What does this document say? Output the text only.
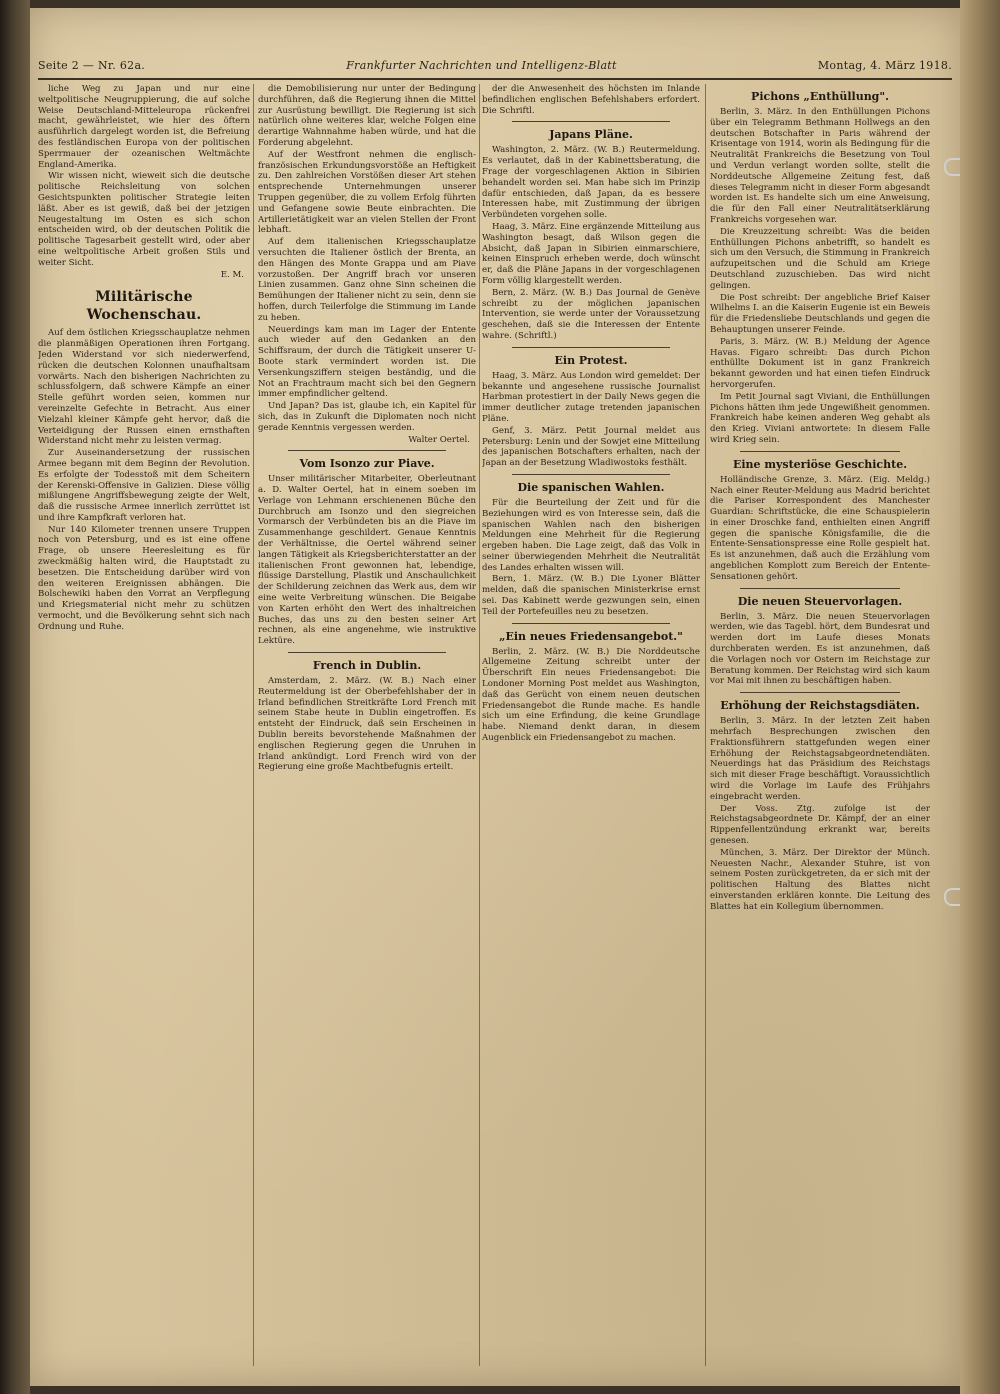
Seite 2 — Nr. 62a.	Frankfurter Nachrichten und Intelligenz-Blatt	Montag, 4. März 1918.

liche Weg zu Japan und nur eine weltpolitische Neugruppierung, die auf solche Weise Deutschland-Mitteleuropa rückenfrei macht, gewährleistet, wie hier des öftern ausführlich dargelegt worden ist, die Befreiung des festländischen Europa von der politischen Sperrmauer der ozeanischen Weltmächte England-Amerika.

Wir wissen nicht, wieweit sich die deutsche politische Reichsleitung von solchen Gesichtspunkten politischer Strategie leiten läßt. Aber es ist gewiß, daß bei der jetzigen Neugestaltung im Osten es sich schon entscheiden wird, ob der deutschen Politik die politische Tagesarbeit gestellt wird, oder aber eine weltpolitische Arbeit großen Stils und weiter Sicht.

E. M.
Militärische Wochenschau.

Auf dem östlichen Kriegsschauplatze nehmen die planmäßigen Operationen ihren Fortgang. Jeden Widerstand vor sich niederwerfend, rücken die deutschen Kolonnen unaufhaltsam vorwärts. Nach den bisherigen Nachrichten zu schlussfolgern, daß schwere Kämpfe an einer Stelle geführt worden seien, kommen nur vereinzelte Gefechte in Betracht. Aus einer Vielzahl kleiner Kämpfe geht hervor, daß die Verteidigung der Russen einen ernsthaften Widerstand nicht mehr zu leisten vermag.

Zur Auseinandersetzung der russischen Armee begann mit dem Beginn der Revolution. Es erfolgte der Todesstoß mit dem Scheitern der Kerenski-Offensive in Galizien. Diese völlig mißlungene Angriffsbewegung zeigte der Welt, daß die russische Armee innerlich zerrüttet ist und ihre Kampfkraft verloren hat.

Nur 140 Kilometer trennen unsere Truppen noch von Petersburg, und es ist eine offene Frage, ob unsere Heeresleitung es für zweckmäßig halten wird, die Hauptstadt zu besetzen. Die Entscheidung darüber wird von den weiteren Ereignissen abhängen. Die Bolschewiki haben den Vorrat an Verpflegung und Kriegsmaterial nicht mehr zu schützen vermocht, und die Bevölkerung sehnt sich nach Ordnung und Ruhe.

die Demobilisierung nur unter der Bedingung durchführen, daß die Regierung ihnen die Mittel zur Ausrüstung bewilligt. Die Regierung ist sich natürlich ohne weiteres klar, welche Folgen eine derartige Wahnnahme haben würde, und hat die Forderung abgelehnt.

Auf der Westfront nehmen die englisch-französischen Erkundungsvorstöße an Heftigkeit zu. Den zahlreichen Vorstößen dieser Art stehen entsprechende Unternehmungen unserer Truppen gegenüber, die zu vollem Erfolg führten und Gefangene sowie Beute einbrachten. Die Artillerietätigkeit war an vielen Stellen der Front lebhaft.

Auf dem italienischen Kriegsschauplatze versuchten die Italiener östlich der Brenta, an den Hängen des Monte Grappa und am Piave vorzustoßen. Der Angriff brach vor unseren Linien zusammen. Ganz ohne Sinn scheinen die Bemühungen der Italiener nicht zu sein, denn sie hoffen, durch Teilerfolge die Stimmung im Lande zu heben.

Neuerdings kam man im Lager der Entente auch wieder auf den Gedanken an den Schiffsraum, der durch die Tätigkeit unserer U-Boote stark vermindert worden ist. Die Versenkungsziffern steigen beständig, und die Not an Frachtraum macht sich bei den Gegnern immer empfindlicher geltend.

Und Japan? Das ist, glaube ich, ein Kapitel für sich, das in Zukunft die Diplomaten noch nicht gerade Kenntnis vergessen werden.

Walter Oertel.
Vom Isonzo zur Piave.

Unser militärischer Mitarbeiter, Oberleutnant a. D. Walter Oertel, hat in einem soeben im Verlage von Lehmann erschienenen Büche den Durchbruch am Isonzo und den siegreichen Vormarsch der Verbündeten bis an die Piave im Zusammenhange geschildert. Genaue Kenntnis der Verhältnisse, die Oertel während seiner langen Tätigkeit als Kriegsberichterstatter an der italienischen Front gewonnen hat, lebendige, flüssige Darstellung, Plastik und Anschaulichkeit der Schilderung zeichnen das Werk aus, dem wir eine weite Verbreitung wünschen. Die Beigabe von Karten erhöht den Wert des inhaltreichen Buches, das uns zu den besten seiner Art rechnen, als eine angenehme, wie instruktive Lektüre.

French in Dublin.

Amsterdam, 2. März. (W. B.) Nach einer Reutermeldung ist der Oberbefehlshaber der in Irland befindlichen Streitkräfte Lord French mit seinem Stabe heute in Dublin eingetroffen. Es entsteht der Eindruck, daß sein Erscheinen in Dublin bereits bevorstehende Maßnahmen der englischen Regierung gegen die Unruhen in Irland ankündigt. Lord French wird von der Regierung eine große Machtbefugnis erteilt.

der die Anwesenheit des höchsten im Inlande befindlichen englischen Befehlshabers erfordert. Die Schriftl.

Japans Pläne.

Washington, 2. März. (W. B.) Reutermeldung. Es verlautet, daß in der Kabinettsberatung, die Frage der vorgeschlagenen Aktion in Sibirien behandelt worden sei. Man habe sich im Prinzip dafür entschieden, daß Japan, da es bessere Interessen habe, mit Zustimmung der übrigen Verbündeten vorgehen solle.

Haag, 3. März. Eine ergänzende Mitteilung aus Washington besagt, daß Wilson gegen die Absicht, daß Japan in Sibirien einmarschiere, keinen Einspruch erheben werde, doch wünscht er, daß die Pläne Japans in der vorgeschlagenen Form völlig klargestellt werden.

Bern, 2. März. (W. B.) Das Journal de Genève schreibt zu der möglichen japanischen Intervention, sie werde unter der Voraussetzung geschehen, daß sie die Interessen der Entente wahre. (Schriftl.)

Ein Protest.

Haag, 3. März. Aus London wird gemeldet: Der bekannte und angesehene russische Journalist Harbman protestiert in der Daily News gegen die immer deutlicher zutage tretenden japanischen Pläne.

Genf, 3. März. Petit Journal meldet aus Petersburg: Lenin und der Sowjet eine Mitteilung des japanischen Botschafters erhalten, nach der Japan an der Besetzung Wladiwostoks festhält.

Die spanischen Wahlen.

Für die Beurteilung der Zeit und für die Beziehungen wird es von Interesse sein, daß die spanischen Wahlen nach den bisherigen Meldungen eine Mehrheit für die Regierung ergeben haben. Die Lage zeigt, daß das Volk in seiner überwiegenden Mehrheit die Neutralität des Landes erhalten wissen will.

Bern, 1. März. (W. B.) Die Lyoner Blätter melden, daß die spanischen Ministerkrise ernst sei. Das Kabinett werde gezwungen sein, einen Teil der Portefeuilles neu zu besetzen.

„Ein neues Friedensangebot."

Berlin, 2. März. (W. B.) Die Norddeutsche Allgemeine Zeitung schreibt unter der Überschrift Ein neues Friedensangebot: Die Londoner Morning Post meldet aus Washington, daß das Gerücht von einem neuen deutschen Friedensangebot die Runde mache. Es handle sich um eine Erfindung, die keine Grundlage habe. Niemand denkt daran, in diesem Augenblick ein Friedensangebot zu machen.

Pichons „Enthüllung".

Berlin, 3. März. In den Enthüllungen Pichons über ein Telegramm Bethmann Hollwegs an den deutschen Botschafter in Paris während der Krisentage von 1914, worin als Bedingung für die Neutralität Frankreichs die Besetzung von Toul und Verdun verlangt worden sollte, stellt die Norddeutsche Allgemeine Zeitung fest, daß dieses Telegramm nicht in dieser Form abgesandt worden ist. Es handelte sich um eine Anweisung, die für den Fall einer Neutralitätserklärung Frankreichs vorgesehen war.

Die Kreuzzeitung schreibt: Was die beiden Enthüllungen Pichons anbetrifft, so handelt es sich um den Versuch, die Stimmung in Frankreich aufzupeitschen und die Schuld am Kriege Deutschland zuzuschieben. Das wird nicht gelingen.

Die Post schreibt: Der angebliche Brief Kaiser Wilhelms I. an die Kaiserin Eugenie ist ein Beweis für die Friedensliebe Deutschlands und gegen die Behauptungen unserer Feinde.

Paris, 3. März. (W. B.) Meldung der Agence Havas. Figaro schreibt: Das durch Pichon enthüllte Dokument ist in ganz Frankreich bekannt geworden und hat einen tiefen Eindruck hervorgerufen.

Im Petit Journal sagt Viviani, die Enthüllungen Pichons hätten ihm jede Ungewißheit genommen. Frankreich habe keinen anderen Weg gehabt als den Krieg. Viviani antwortete: In diesem Falle wird Krieg sein.

Eine mysteriöse Geschichte.

Holländische Grenze, 3. März. (Eig. Meldg.) Nach einer Reuter-Meldung aus Madrid berichtet die Pariser Korrespondent des Manchester Guardian: Schriftstücke, die eine Schauspielerin in einer Droschke fand, enthielten einen Angriff gegen die spanische Königsfamilie, die die Entente-Sensationspresse eine Rolle gespielt hat. Es ist anzunehmen, daß auch die Erzählung vom angeblichen Komplott zum Bereich der Entente-Sensationen gehört.

Die neuen Steuervorlagen.

Berlin, 3. März. Die neuen Steuervorlagen werden, wie das Tagebl. hört, dem Bundesrat und werden dort im Laufe dieses Monats durchberaten werden. Es ist anzunehmen, daß die Vorlagen noch vor Ostern im Reichstage zur Beratung kommen. Der Reichstag wird sich kaum vor Mai mit ihnen zu beschäftigen haben.

Erhöhung der Reichstagsdiäten.

Berlin, 3. März. In der letzten Zeit haben mehrfach Besprechungen zwischen den Fraktionsführern stattgefunden wegen einer Erhöhung der Reichstagsabgeordnetendiäten. Neuerdings hat das Präsidium des Reichstags sich mit dieser Frage beschäftigt. Voraussichtlich wird die Vorlage im Laufe des Frühjahrs eingebracht werden.

Der Voss. Ztg. zufolge ist der Reichstagsabgeordnete Dr. Kämpf, der an einer Rippenfellentzündung erkrankt war, bereits genesen.

München, 3. März. Der Direktor der Münch. Neuesten Nachr., Alexander Stuhre, ist von seinem Posten zurückgetreten, da er sich mit der politischen Haltung des Blattes nicht einverstanden erklären konnte. Die Leitung des Blattes hat ein Kollegium übernommen.
